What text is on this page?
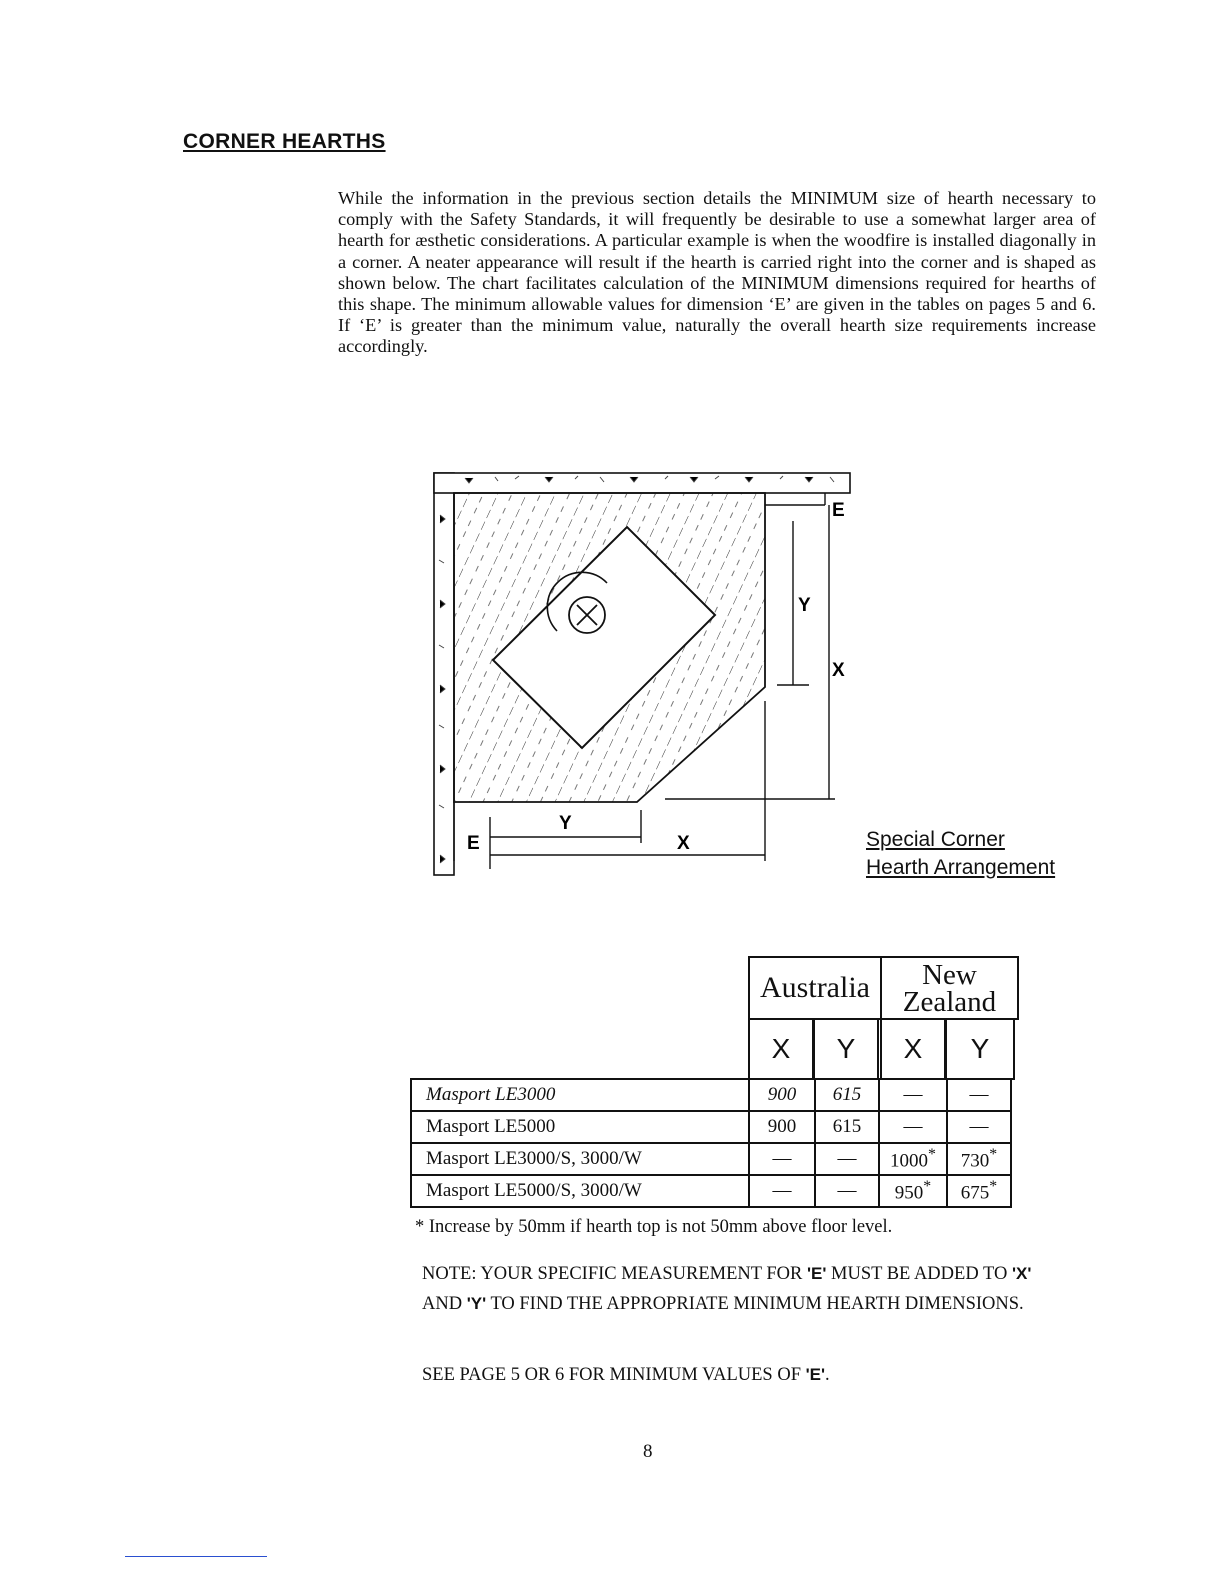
CORNER HEARTHS
While the information in the previous section details the MINIMUM size of hearth necessary to comply with the Safety Standards, it will frequently be desirable to use a somewhat larger area of hearth for æsthetic considerations. A particular example is when the woodfire is installed diagonally in a corner. A neater appearance will result if the hearth is carried right into the corner and is shaped as shown below. The chart facilitates calculation of the MINIMUM dimensions required for hearths of this shape. The minimum allowable values for dimension ‘E’ are given in the tables on pages 5 and 6. If ‘E’ is greater than the minimum value, naturally the overall hearth size requirements increase accordingly.
E
Y
X
E
Y
X	Special Corner
Hearth Arrangement
Australia	New
Zealand
X	Y	X	Y
Masport LE3000	900	615	—	—
Masport LE5000	900	615	—	—
Masport LE3000/S, 3000/W	—	—	1000*	730*
Masport LE5000/S, 3000/W	—	—	950*	675*
* Increase by 50mm if hearth top is not 50mm above floor level.
NOTE: YOUR SPECIFIC MEASUREMENT FOR 'E' MUST BE ADDED TO 'X' AND 'Y' TO FIND THE APPROPRIATE MINIMUM HEARTH DIMENSIONS.
SEE PAGE 5 OR 6 FOR MINIMUM VALUES OF 'E'.
8
